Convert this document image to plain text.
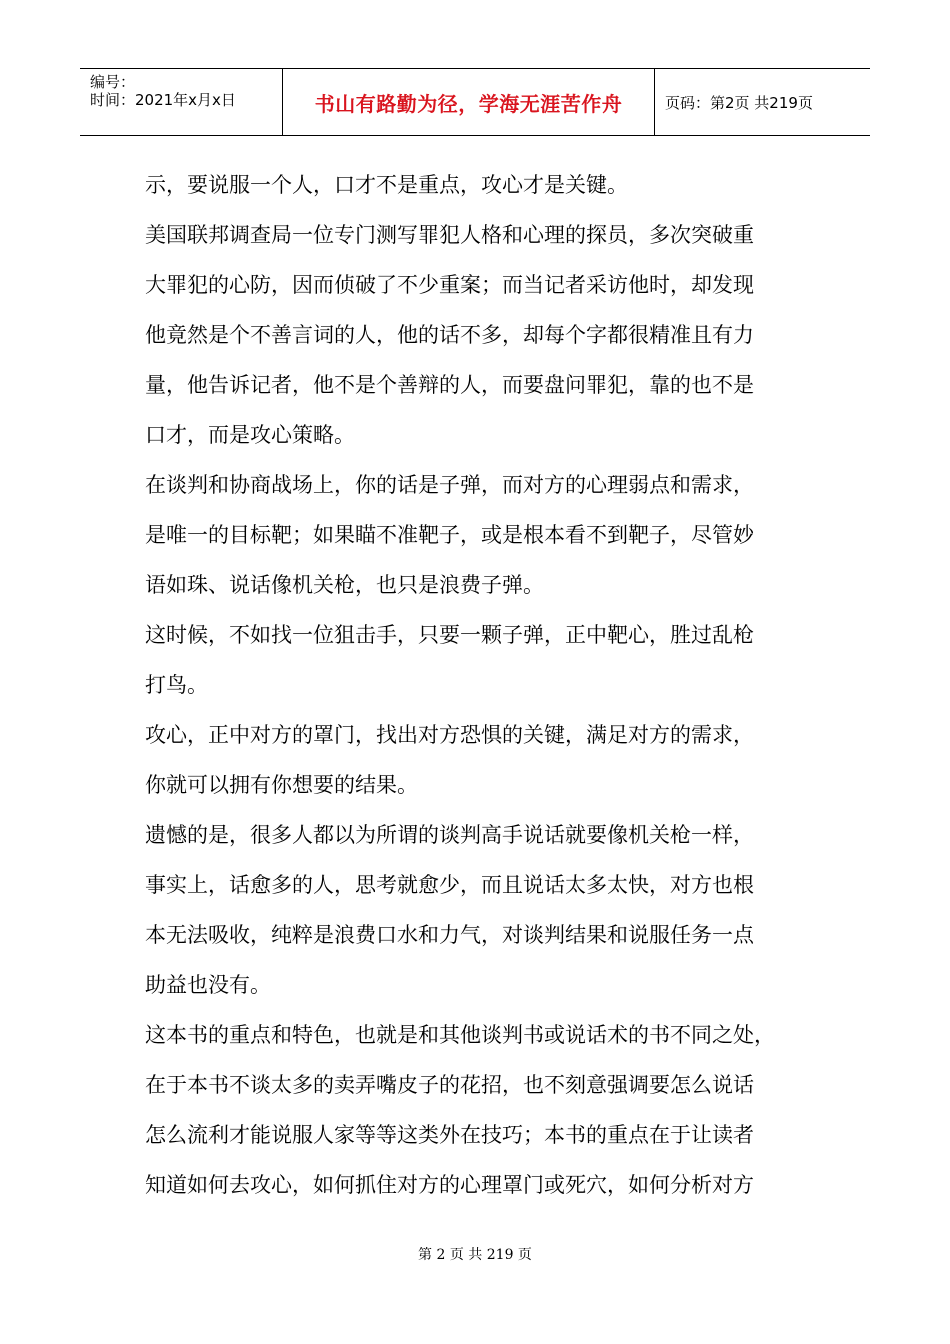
编号：
时间：2021年x月x日	书山有路勤为径，学海无涯苦作舟	页码：第2页 共219页

示，要说服一个人，口才不是重点，攻心才是关键。

美国联邦调查局一位专门测写罪犯人格和心理的探员，多次突破重
大罪犯的心防，因而侦破了不少重案；而当记者采访他时，却发现
他竟然是个不善言词的人，他的话不多，却每个字都很精准且有力
量，他告诉记者，他不是个善辩的人，而要盘问罪犯，靠的也不是
口才，而是攻心策略。

在谈判和协商战场上，你的话是子弹，而对方的心理弱点和需求，
是唯一的目标靶；如果瞄不准靶子，或是根本看不到靶子，尽管妙
语如珠、说话像机关枪，也只是浪费子弹。

这时候，不如找一位狙击手，只要一颗子弹，正中靶心，胜过乱枪
打鸟。

攻心，正中对方的罩门，找出对方恐惧的关键，满足对方的需求，
你就可以拥有你想要的结果。

遗憾的是，很多人都以为所谓的谈判高手说话就要像机关枪一样，
事实上，话愈多的人，思考就愈少，而且说话太多太快，对方也根
本无法吸收，纯粹是浪费口水和力气，对谈判结果和说服任务一点
助益也没有。

这本书的重点和特色，也就是和其他谈判书或说话术的书不同之处，
在于本书不谈太多的卖弄嘴皮子的花招，也不刻意强调要怎么说话
怎么流利才能说服人家等等这类外在技巧；本书的重点在于让读者
知道如何去攻心，如何抓住对方的心理罩门或死穴，如何分析对方

第 2 页 共 219 页
